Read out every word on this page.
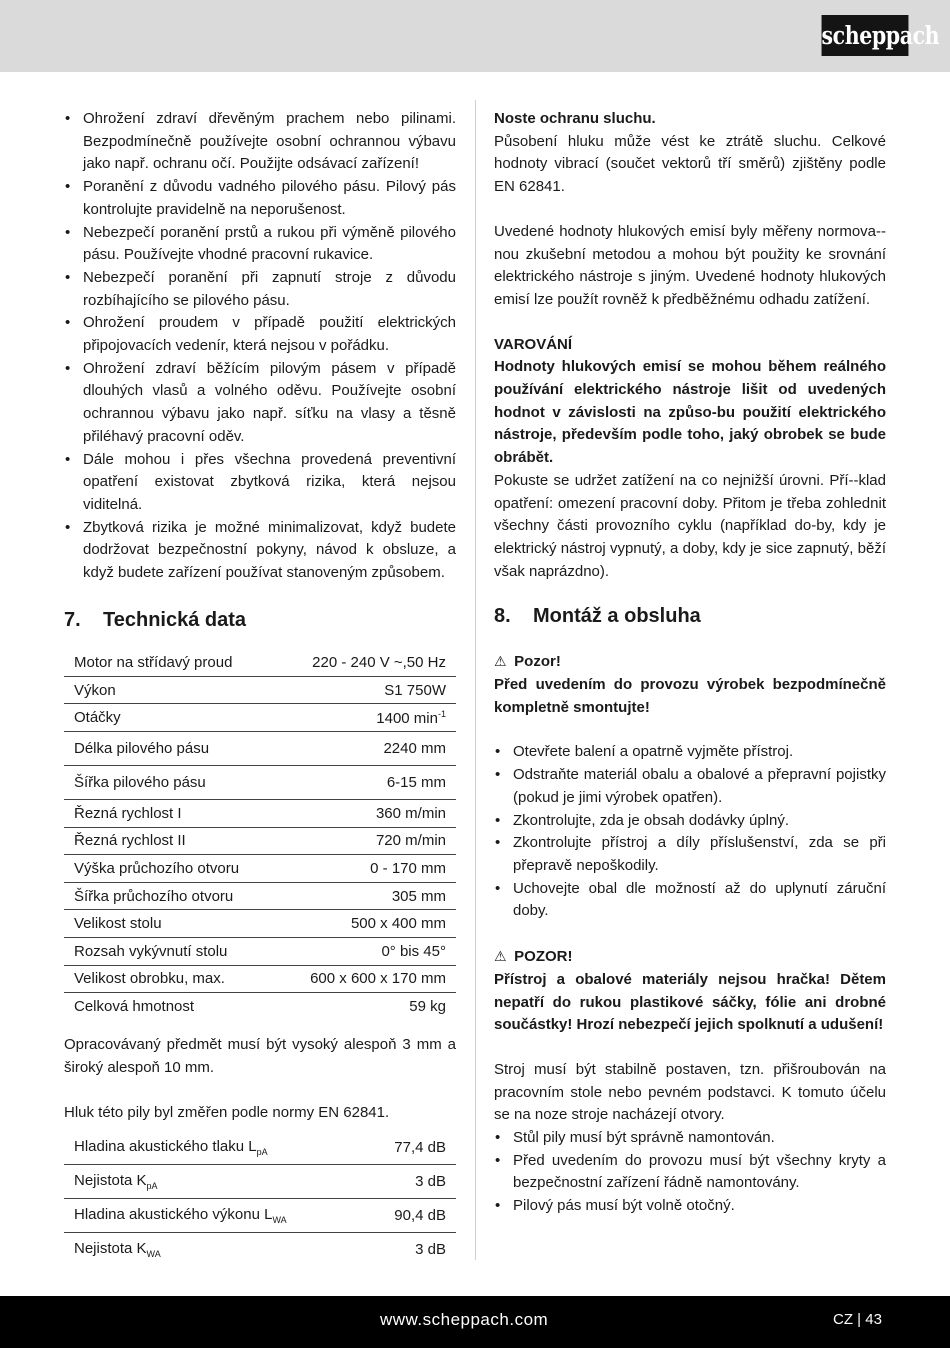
scheppach
• Ohrožení zdraví dřevěným prachem nebo pilinami. Bezpodmínečně používejte osobní ochrannou výbavu jako např. ochranu očí. Použijte odsávací zařízení!
• Poranění z důvodu vadného pilového pásu. Pilový pás kontrolujte pravidelně na neporušenost.
• Nebezpečí poranění prstů a rukou při výměně pilového pásu. Používejte vhodné pracovní rukavice.
• Nebezpečí poranění při zapnutí stroje z důvodu rozbíhajícího se pilového pásu.
• Ohrožení proudem v případě použití elektrických připojovacích vedenír, která nejsou v pořádku.
• Ohrožení zdraví běžícím pilovým pásem v případě dlouhých vlasů a volného oděvu. Používejte osobní ochrannou výbavu jako např. síťku na vlasy a těsně přiléhavý pracovní oděv.
• Dále mohou i přes všechna provedená preventivní opatření existovat zbytková rizika, která nejsou viditelná.
• Zbytková rizika je možné minimalizovat, když budete dodržovat bezpečnostní pokyny, návod k obsluze, a když budete zařízení používat stanoveným způsobem.
7.	Technická data
Motor na střídavý proud	220 - 240 V ~,50 Hz
Výkon	S1 750W
Otáčky	1400 $\min^{-1}$
Délka pilového pásu	2240 mm
Šířka pilového pásu	6-15 mm
Řezná rychlost I	360 m/min
Řezná rychlost II	720 m/min
Výška průchozího otvoru	0 - 170 mm
Šířka průchozího otvoru	305 mm
Velikost stolu	500 x 400 mm
Rozsah vykývnutí stolu	0° bis 45°
Velikost obrobku, max.	600 x 600 x 170 mm
Celková hmotnost	59 kg

Opracovávaný předmět musí být vysoký alespoň 3 mm a široký alespoň 10 mm.

Hluk této pily byl změřen podle normy EN 62841.

Hladina akustického tlaku $L_{pA}$	77,4 dB
Nejistota $K_{pA}$	3 dB
Hladina akustického výkonu $L_{WA}$	90,4 dB
Nejistota $K_{WA}$	3 dB

Noste ochranu sluchu.

Působení hluku může vést ke ztrátě sluchu. Celkové hodnoty vibrací (součet vektorů tří směrů) zjištěny podle EN 62841.

Uvedené hodnoty hlukových emisí byly měřeny normova--nou zkušební metodou a mohou být použity ke srovnání elektrického nástroje s jiným. Uvedené hodnoty hlukových emisí lze použít rovněž k předběžnému odhadu zatížení.

VAROVÁNÍ

Hodnoty hlukových emisí se mohou během reálného používání elektrického nástroje lišit od uvedených hodnot v závislosti na způso-bu použití elektrického nástroje, především podle toho, jaký obrobek se bude obrábět.

Pokuste se udržet zatížení na co nejnižší úrovni. Pří--klad opatření: omezení pracovní doby. Přitom je třeba zohlednit všechny části provozního cyklu (například do-by, kdy je elektrický nástroj vypnutý, a doby, kdy je sice zapnutý, běží však naprázdno).

8.	Montáž a obsluha

⚠ Pozor!

Před uvedením do provozu výrobek bezpodmínečně kompletně smontujte!

• Otevřete balení a opatrně vyjměte přístroj.
• Odstraňte materiál obalu a obalové a přepravní pojistky (pokud je jimi výrobek opatřen).
• Zkontrolujte, zda je obsah dodávky úplný.
• Zkontrolujte přístroj a díly příslušenství, zda se při přepravě nepoškodily.
• Uchovejte obal dle možností až do uplynutí záruční doby.

⚠ POZOR!

Přístroj a obalové materiály nejsou hračka! Dětem nepatří do rukou plastikové sáčky, fólie ani drobné součástky! Hrozí nebezpečí jejich spolknutí a udušení!

Stroj musí být stabilně postaven, tzn. přišroubován na pracovním stole nebo pevném podstavci. K tomuto účelu se na noze stroje nacházejí otvory.

• Stůl pily musí být správně namontován.
• Před uvedením do provozu musí být všechny kryty a bezpečnostní zařízení řádně namontovány.
• Pilový pás musí být volně otočný.
www.scheppach.com	CZ | 43
